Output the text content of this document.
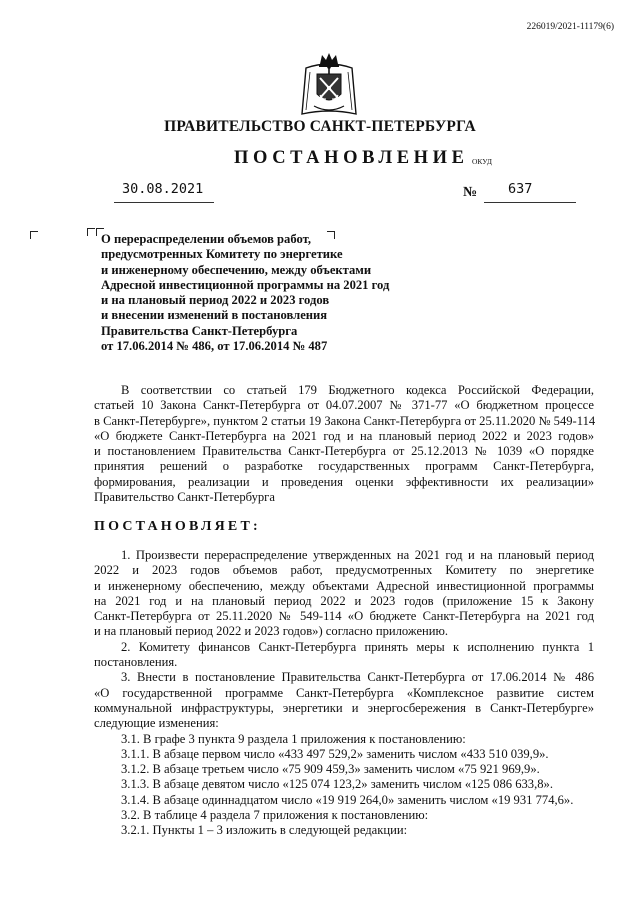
226019/2021-11179(6)
ПРАВИТЕЛЬСТВО САНКТ-ПЕТЕРБУРГА
ПОСТАНОВЛЕНИЕ ОКУД
30.08.2021	№ 637
О перераспределении объемов работ,
предусмотренных Комитету по энергетике
и инженерному обеспечению, между объектами
Адресной инвестиционной программы на 2021 год
и на плановый период 2022 и 2023 годов
и внесении изменений в постановления
Правительства Санкт-Петербурга
от 17.06.2014 № 486, от 17.06.2014 № 487
В соответствии со статьей 179 Бюджетного кодекса Российской Федерации,
статьей 10 Закона Санкт-Петербурга от 04.07.2007 № 371-77 «О бюджетном процессе
в Санкт-Петербурге», пунктом 2 статьи 19 Закона Санкт-Петербурга от 25.11.2020 № 549-114
«О бюджете Санкт-Петербурга на 2021 год и на плановый период 2022 и 2023 годов»
и постановлением Правительства Санкт-Петербурга от 25.12.2013 № 1039 «О порядке
принятия решений о разработке государственных программ Санкт-Петербурга,
формирования, реализации и проведения оценки эффективности их реализации»
Правительство Санкт-Петербурга
ПОСТАНОВЛЯЕТ:
1. Произвести перераспределение утвержденных на 2021 год и на плановый период
2022 и 2023 годов объемов работ, предусмотренных Комитету по энергетике
и инженерному обеспечению, между объектами Адресной инвестиционной программы
на 2021 год и на плановый период 2022 и 2023 годов (приложение 15 к Закону
Санкт-Петербурга от 25.11.2020 № 549-114 «О бюджете Санкт-Петербурга на 2021 год
и на плановый период 2022 и 2023 годов») согласно приложению.
2. Комитету финансов Санкт-Петербурга принять меры к исполнению пункта 1
постановления.
3. Внести в постановление Правительства Санкт-Петербурга от 17.06.2014 № 486
«О государственной программе Санкт-Петербурга «Комплексное развитие систем
коммунальной инфраструктуры, энергетики и энергосбережения в Санкт-Петербурге»
следующие изменения:
3.1. В графе 3 пункта 9 раздела 1 приложения к постановлению:
3.1.1. В абзаце первом число «433 497 529,2» заменить числом «433 510 039,9».
3.1.2. В абзаце третьем число «75 909 459,3» заменить числом «75 921 969,9».
3.1.3. В абзаце девятом число «125 074 123,2» заменить числом «125 086 633,8».
3.1.4. В абзаце одиннадцатом число «19 919 264,0» заменить числом «19 931 774,6».
3.2. В таблице 4 раздела 7 приложения к постановлению:
3.2.1. Пункты 1 – 3 изложить в следующей редакции:
